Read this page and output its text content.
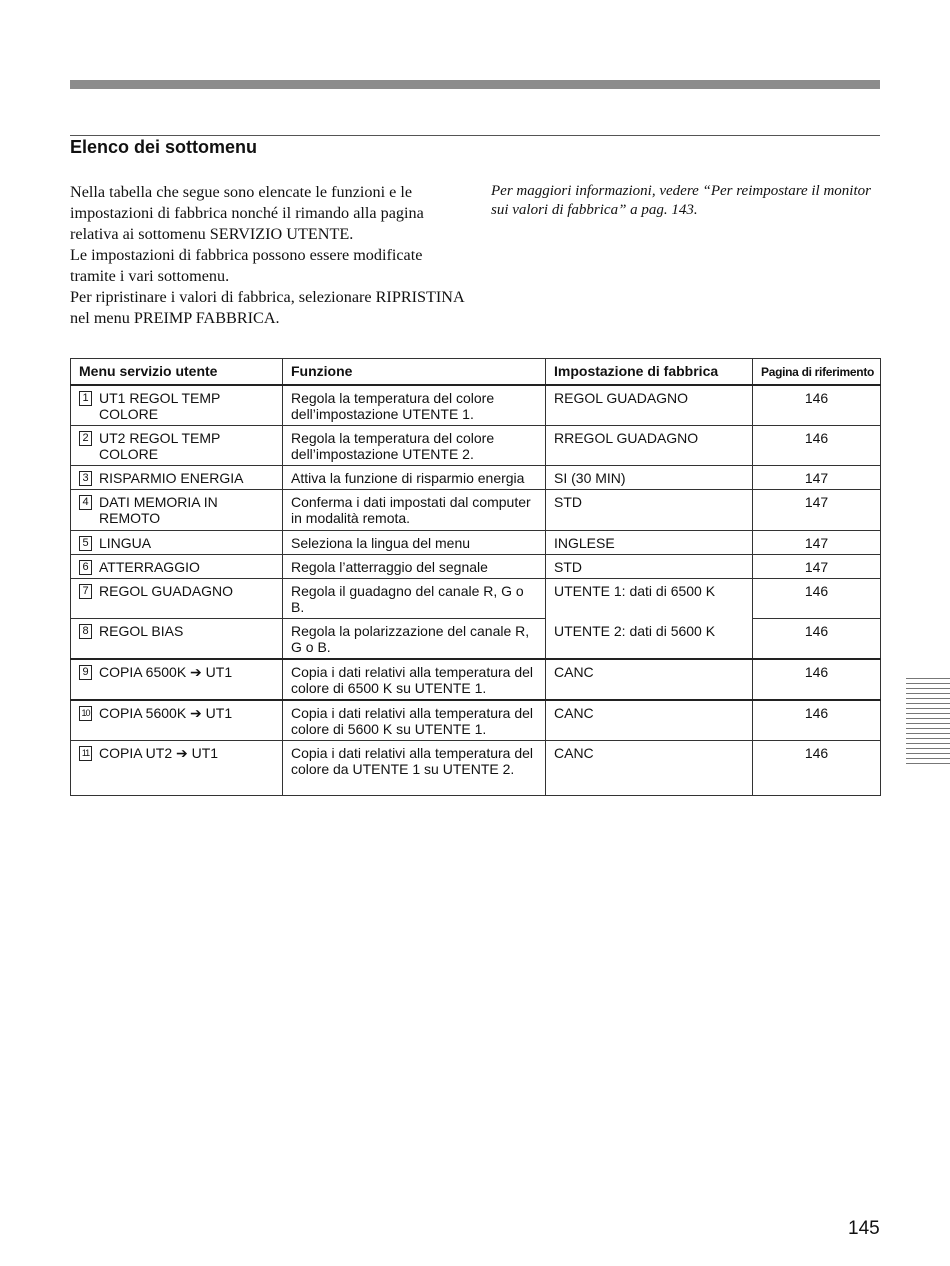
Elenco dei sottomenu

Nella tabella che segue sono elencate le funzioni e le impostazioni di fabbrica nonché il rimando alla pagina relativa ai sottomenu SERVIZIO UTENTE.

Le impostazioni di fabbrica possono essere modificate tramite i vari sottomenu.

Per ripristinare i valori di fabbrica, selezionare RIPRISTINA nel menu PREIMP FABBRICA.

Per maggiori informazioni, vedere “Per reimpostare il monitor sui valori di fabbrica” a pag. 143.
Menu servizio utente	Funzione	Impostazione di fabbrica	Pagina di riferimento

1 UT1 REGOL TEMP COLORE	Regola la temperatura del colore dell’impostazione UTENTE 1.	REGOL GUADAGNO	146

2 UT2 REGOL TEMP COLORE	Regola la temperatura del colore dell’impostazione UTENTE 2.	RREGOL GUADAGNO	146

3 RISPARMIO ENERGIA	Attiva la funzione di risparmio energia	SI (30 MIN)	147

4 DATI MEMORIA IN REMOTO	Conferma i dati impostati dal computer in modalità remota.	STD	147

5 LINGUA	Seleziona la lingua del menu	INGLESE	147

6 ATTERRAGGIO	Regola l’atterraggio del segnale	STD	147

7 REGOL GUADAGNO	Regola il guadagno del canale R, G o B.	UTENTE 1: dati di 6500 K	146

8 REGOL BIAS	Regola la polarizzazione del canale R, G o B.	UTENTE 2: dati di 5600 K	146

9 COPIA 6500K ➔ UT1	Copia i dati relativi alla temperatura del colore di 6500 K su UTENTE 1.	CANC	146

10 COPIA 5600K ➔ UT1	Copia i dati relativi alla temperatura del colore di 5600 K su UTENTE 1.	CANC	146

11 COPIA UT2 ➔ UT1	Copia i dati relativi alla temperatura del colore da UTENTE 1 su UTENTE 2.	CANC	146
145
